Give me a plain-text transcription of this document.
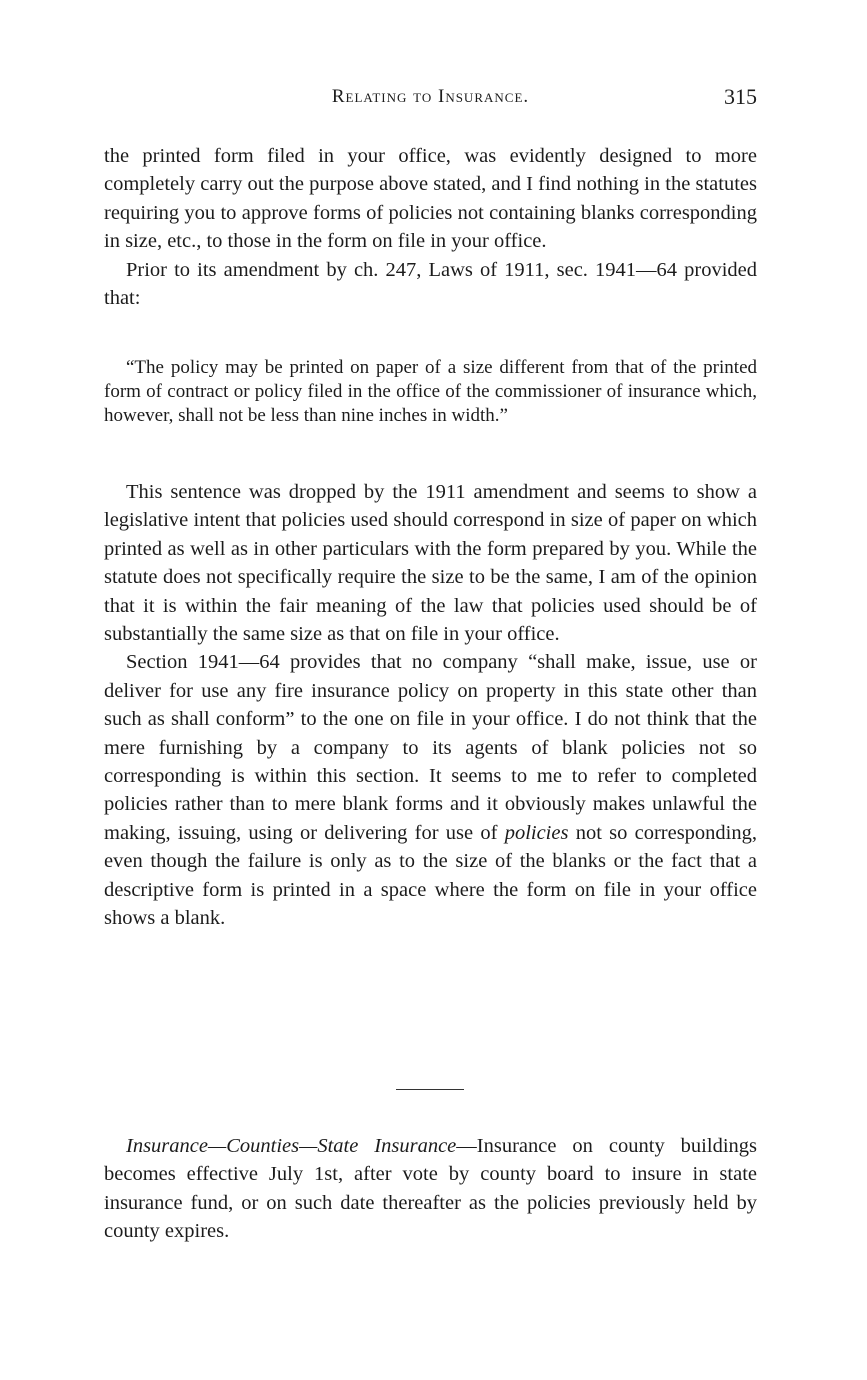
Relating to Insurance.	315

the printed form filed in your office, was evidently designed to more completely carry out the purpose above stated, and I find nothing in the statutes requiring you to approve forms of policies not containing blanks corresponding in size, etc., to those in the form on file in your office.

Prior to its amendment by ch. 247, Laws of 1911, sec. 1941—64 provided that:

“The policy may be printed on paper of a size different from that of the printed form of contract or policy filed in the office of the commissioner of insurance which, however, shall not be less than nine inches in width.”

This sentence was dropped by the 1911 amendment and seems to show a legislative intent that policies used should correspond in size of paper on which printed as well as in other particulars with the form prepared by you. While the statute does not specifically require the size to be the same, I am of the opinion that it is within the fair meaning of the law that policies used should be of substantially the same size as that on file in your office.

Section 1941—64 provides that no company “shall make, issue, use or deliver for use any fire insurance policy on property in this state other than such as shall conform” to the one on file in your office. I do not think that the mere furnishing by a company to its agents of blank policies not so corresponding is within this section. It seems to me to refer to completed policies rather than to mere blank forms and it obviously makes unlawful the making, issuing, using or delivering for use of policies not so corresponding, even though the failure is only as to the size of the blanks or the fact that a descriptive form is printed in a space where the form on file in your office shows a blank.

Insurance—Counties—State Insurance—Insurance on county buildings becomes effective July 1st, after vote by county board to insure in state insurance fund, or on such date thereafter as the policies previously held by county expires.
